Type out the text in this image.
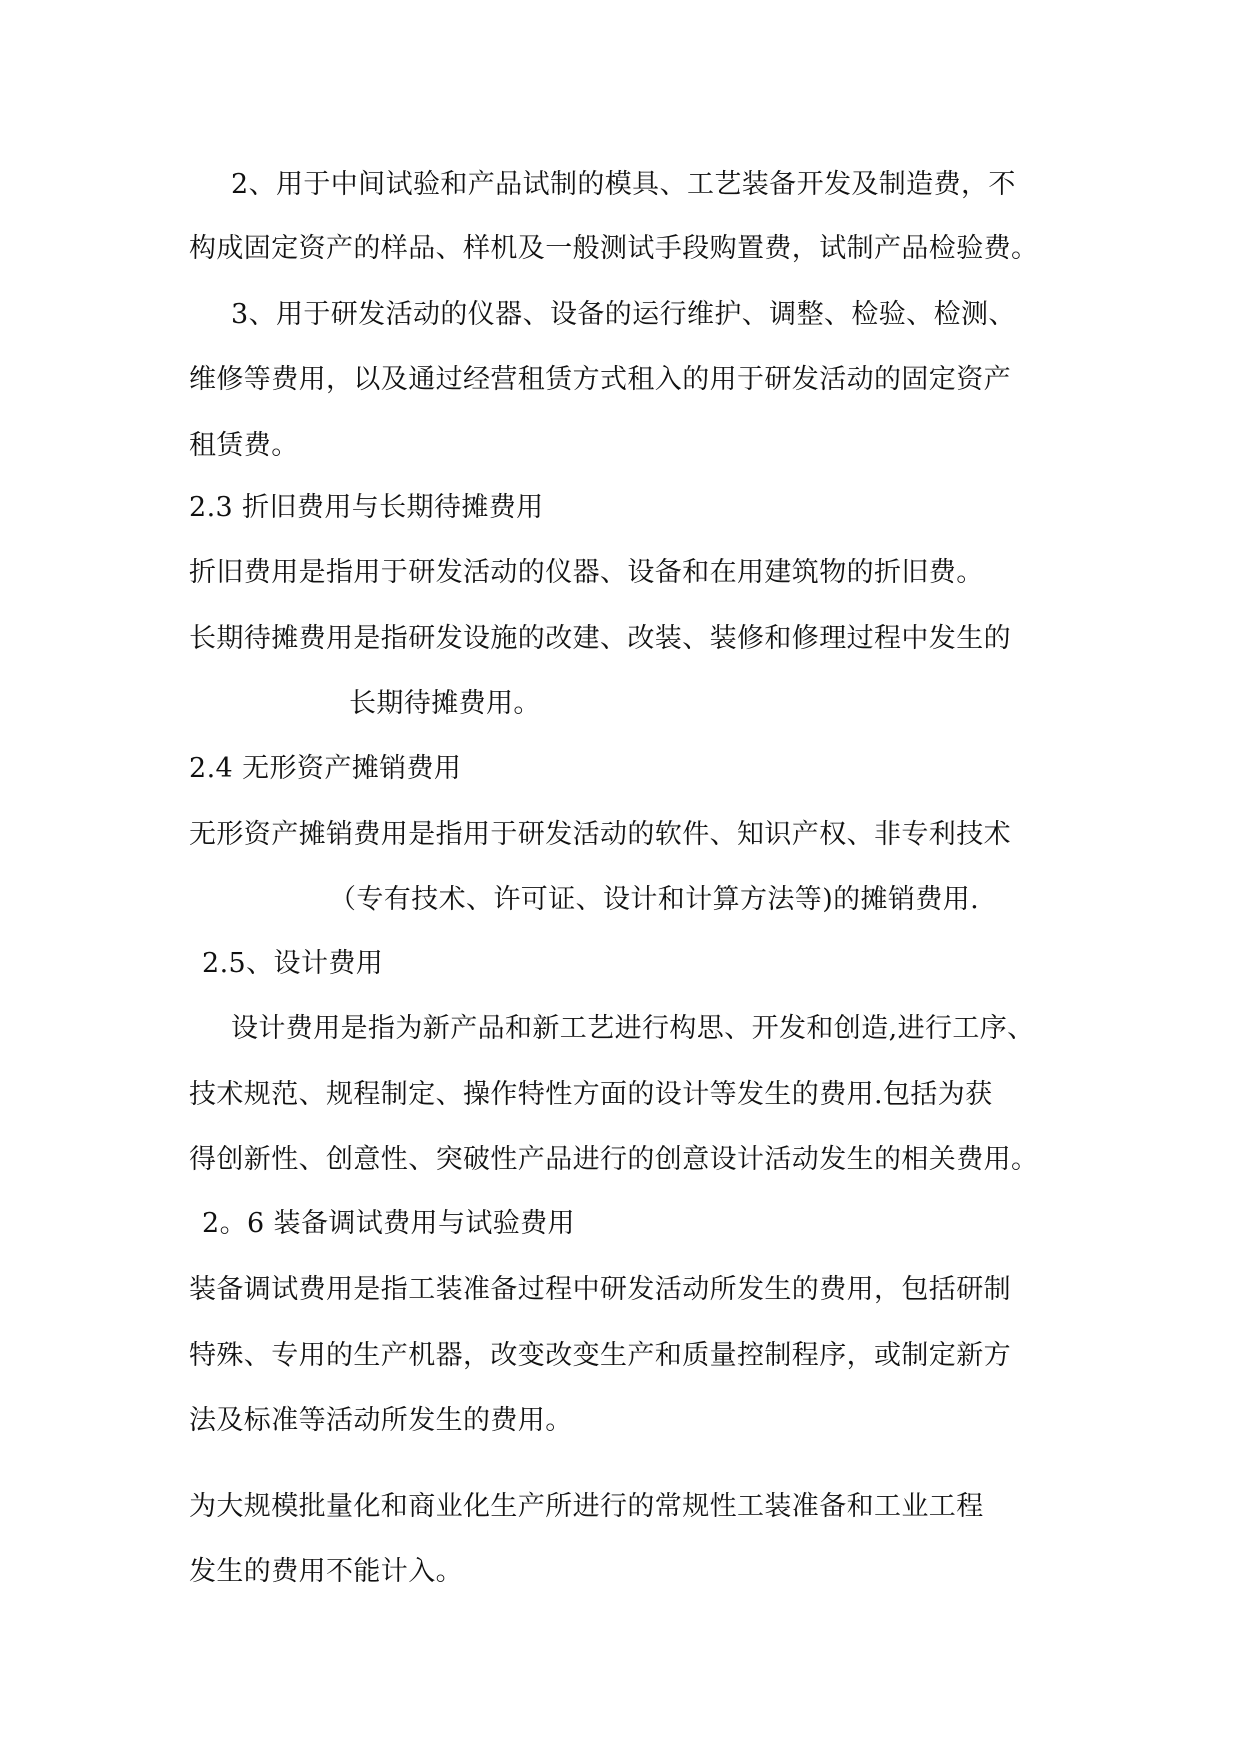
2、用于中间试验和产品试制的模具、工艺装备开发及制造费，不
构成固定资产的样品、样机及一般测试手段购置费，试制产品检验费。
3、用于研发活动的仪器、设备的运行维护、调整、检验、检测、
维修等费用，以及通过经营租赁方式租入的用于研发活动的固定资产
租赁费。
2.3 折旧费用与长期待摊费用
折旧费用是指用于研发活动的仪器、设备和在用建筑物的折旧费。
长期待摊费用是指研发设施的改建、改装、装修和修理过程中发生的
长期待摊费用。
2.4 无形资产摊销费用
无形资产摊销费用是指用于研发活动的软件、知识产权、非专利技术
（专有技术、许可证、设计和计算方法等)的摊销费用.
2.5、设计费用
设计费用是指为新产品和新工艺进行构思、开发和创造,进行工序、
技术规范、规程制定、操作特性方面的设计等发生的费用.包括为获
得创新性、创意性、突破性产品进行的创意设计活动发生的相关费用。
2。6 装备调试费用与试验费用
装备调试费用是指工装准备过程中研发活动所发生的费用，包括研制
特殊、专用的生产机器，改变改变生产和质量控制程序，或制定新方
法及标准等活动所发生的费用。
为大规模批量化和商业化生产所进行的常规性工装准备和工业工程
发生的费用不能计入。
